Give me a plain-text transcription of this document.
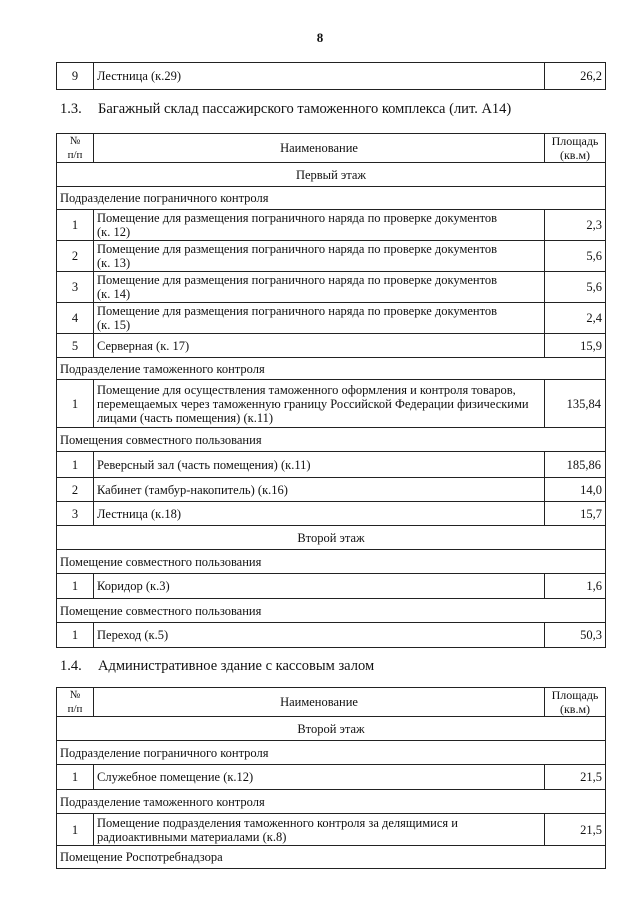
8
9	Лестница (к.29)	26,2
1.3. Багажный склад пассажирского таможенного комплекса (лит. А14)
№
п/п	Наименование	Площадь
(кв.м)
Первый этаж		
Подразделение пограничного контроля		
1	Помещение для размещения пограничного наряда по проверке документов
(к. 12)	2,3
2	Помещение для размещения пограничного наряда по проверке документов
(к. 13)	5,6
3	Помещение для размещения пограничного наряда по проверке документов
(к. 14)	5,6
4	Помещение для размещения пограничного наряда по проверке документов
(к. 15)	2,4
5	Серверная (к. 17)	15,9
Подразделение таможенного контроля		
1	Помещение для осуществления таможенного оформления и контроля товаров,
перемещаемых через таможенную границу Российской Федерации физическими
лицами (часть помещения) (к.11)	135,84
Помещения совместного пользования		
1	Реверсный зал (часть помещения) (к.11)	185,86
2	Кабинет (тамбур-накопитель) (к.16)	14,0
3	Лестница (к.18)	15,7
Второй этаж		
Помещение совместного пользования		
1	Коридор (к.3)	1,6
Помещение совместного пользования		
1	Переход (к.5)	50,3
1.4. Административное здание с кассовым залом
№
п/п	Наименование	Площадь
(кв.м)
Второй этаж		
Подразделение пограничного контроля		
1	Служебное помещение (к.12)	21,5
Подразделение таможенного контроля		
1	Помещение подразделения таможенного контроля за делящимися и
радиоактивными материалами (к.8)	21,5
Помещение Роспотребнадзора		
